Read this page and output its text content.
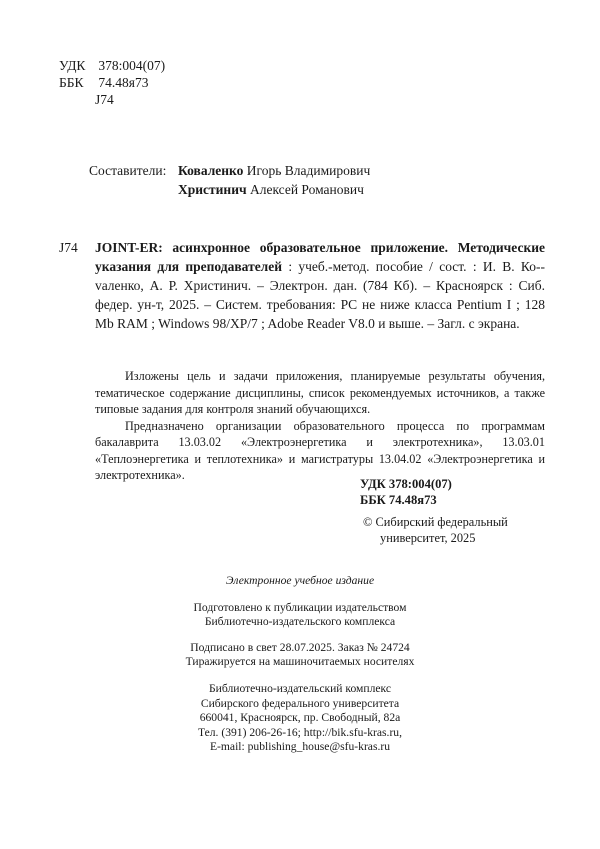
УДК 378:004(07)
ББК 74.48я73
J74
Составители: Коваленко Игорь Владимирович
Христинич Алексей Романович
J74 JOINT-ER: асинхронное образовательное приложение. Методические указания для преподавателей : учеб.-метод. пособие / сост. : И. В. Ко-vaленко, А. Р. Христинич. – Электрон. дан. (784 Кб). – Красноярск : Сиб. федер. ун-т, 2025. – Систем. требования: PC не ниже класса Pentium I ; 128 Mb RAM ; Windows 98/XP/7 ; Adobe Reader V8.0 и выше. – Загл. с экрана.

Изложены цель и задачи приложения, планируемые результаты обучения, тематическое содержание дисциплины, список рекомендуемых источников, а также типовые задания для контроля знаний обучающихся.

Предназначено организации образовательного процесса по программам бакалаврита 13.03.02 «Электроэнергетика и электротехника», 13.03.01 «Теплоэнергетика и теплотехника» и магистратуры 13.04.02 «Электроэнергетика и электротехника».

УДК 378:004(07)
ББК 74.48я73
© Сибирский федеральный
университет, 2025
Электронное учебное издание
Подготовлено к публикации издательством
Библиотечно-издательского комплекса
Подписано в свет 28.07.2025. Заказ № 24724
Тиражируется на машиночитаемых носителях
Библиотечно-издательский комплекс
Сибирского федерального университета
660041, Красноярск, пр. Свободный, 82а
Тел. (391) 206-26-16; http://bik.sfu-kras.ru,
E-mail: publishing_house@sfu-kras.ru
